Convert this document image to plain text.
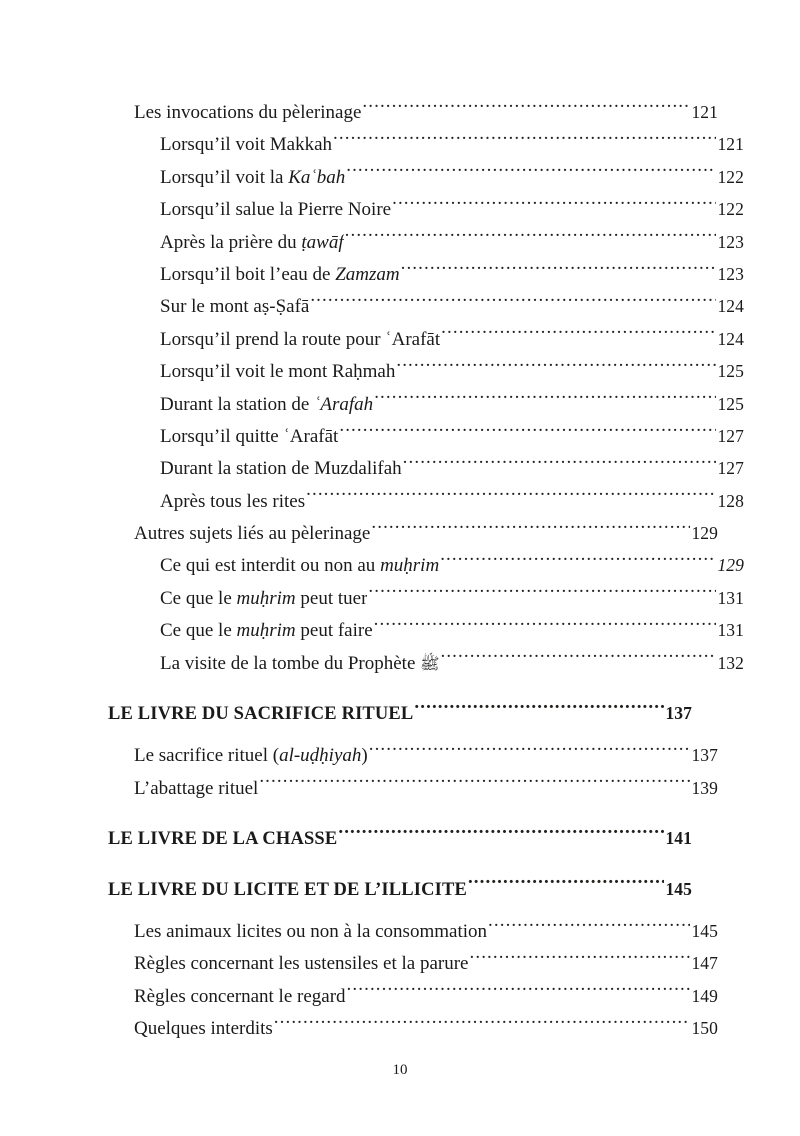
Les invocations du pèlerinage .....	121
Lorsqu’il voit Makkah .....	121
Lorsqu’il voit la Kaʿbah .....	122
Lorsqu’il salue la Pierre Noire .....	122
Après la prière du ṭawāf .....	123
Lorsqu’il boit l’eau de Zamzam .....	123
Sur le mont aṣ-Ṣafā .....	124
Lorsqu’il prend la route pour ʿArafāt .....	124
Lorsqu’il voit le mont Raḥmah .....	125
Durant la station de ʿArafah .....	125
Lorsqu’il quitte ʿArafāt .....	127
Durant la station de Muzdalifah .....	127
Après tous les rites .....	128
Autres sujets liés au pèlerinage .....	129
Ce qui est interdit ou non au muḥrim .....	129
Ce que le muḥrim peut tuer .....	131
Ce que le muḥrim peut faire .....	131
La visite de la tombe du Prophète ﷺ .....	132
LE LIVRE DU SACRIFICE RITUEL .....	137
Le sacrifice rituel (al-uḍḥiyah) .....	137
L’abattage rituel .....	139
LE LIVRE DE LA CHASSE .....	141
LE LIVRE DU LICITE ET DE L’ILLICITE .....	145
Les animaux licites ou non à la consommation .....	145
Règles concernant les ustensiles et la parure .....	147
Règles concernant le regard .....	149
Quelques interdits .....	150
10
